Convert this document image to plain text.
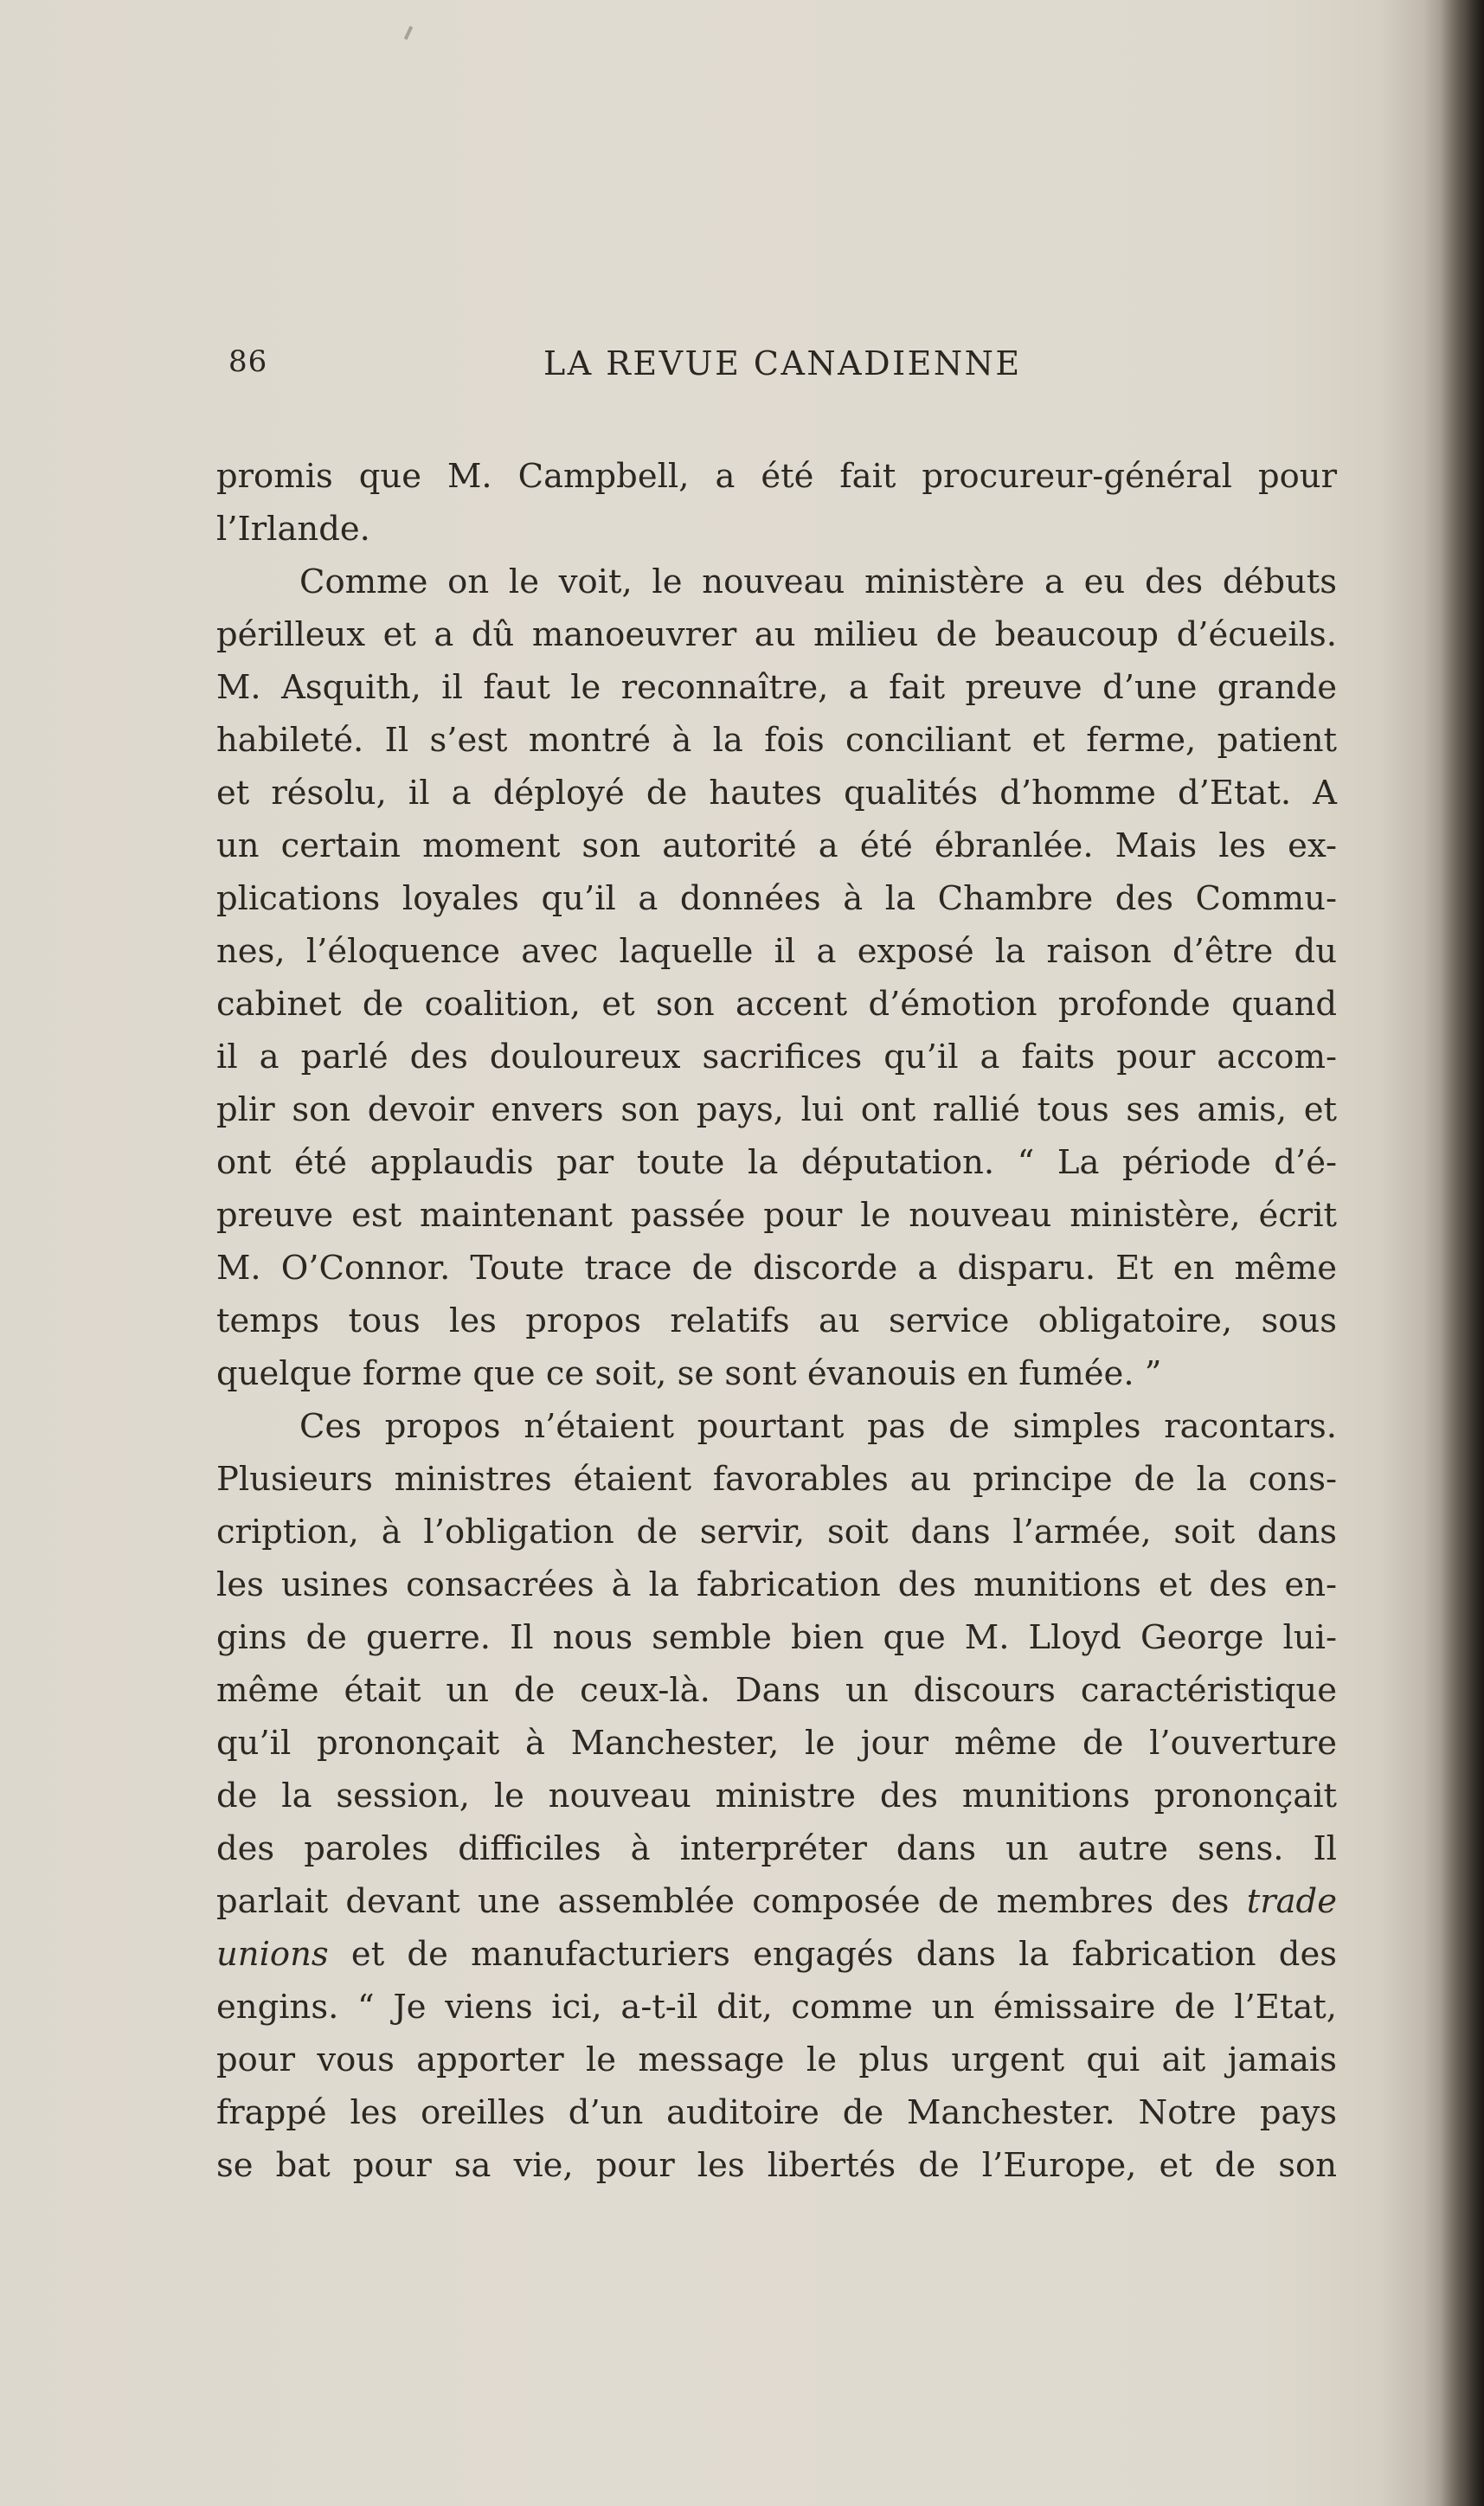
86	LA REVUE CANADIENNE
promis que M. Campbell, a été fait procureur-général pour
l’Irlande.
Comme on le voit, le nouveau ministère a eu des débuts
périlleux et a dû manoeuvrer au milieu de beaucoup d’écueils.
M. Asquith, il faut le reconnaître, a fait preuve d’une grande
habileté. Il s’est montré à la fois conciliant et ferme, patient
et résolu, il a déployé de hautes qualités d’homme d’Etat. A
un certain moment son autorité a été ébranlée. Mais les ex-
plications loyales qu’il a données à la Chambre des Commu-
nes, l’éloquence avec laquelle il a exposé la raison d’être du
cabinet de coalition, et son accent d’émotion profonde quand
il a parlé des douloureux sacrifices qu’il a faits pour accom-
plir son devoir envers son pays, lui ont rallié tous ses amis, et
ont été applaudis par toute la députation. “ La période d’é-
preuve est maintenant passée pour le nouveau ministère, écrit
M. O’Connor. Toute trace de discorde a disparu. Et en même
temps tous les propos relatifs au service obligatoire, sous
quelque forme que ce soit, se sont évanouis en fumée. ”
Ces propos n’étaient pourtant pas de simples racontars.
Plusieurs ministres étaient favorables au principe de la cons-
cription, à l’obligation de servir, soit dans l’armée, soit dans
les usines consacrées à la fabrication des munitions et des en-
gins de guerre. Il nous semble bien que M. Lloyd George lui-
même était un de ceux-là. Dans un discours caractéristique
qu’il prononçait à Manchester, le jour même de l’ouverture
de la session, le nouveau ministre des munitions prononçait
des paroles difficiles à interpréter dans un autre sens. Il
parlait devant une assemblée composée de membres des trade
unions et de manufacturiers engagés dans la fabrication des
engins. “ Je viens ici, a-t-il dit, comme un émissaire de l’Etat,
pour vous apporter le message le plus urgent qui ait jamais
frappé les oreilles d’un auditoire de Manchester. Notre pays
se bat pour sa vie, pour les libertés de l’Europe, et de son
